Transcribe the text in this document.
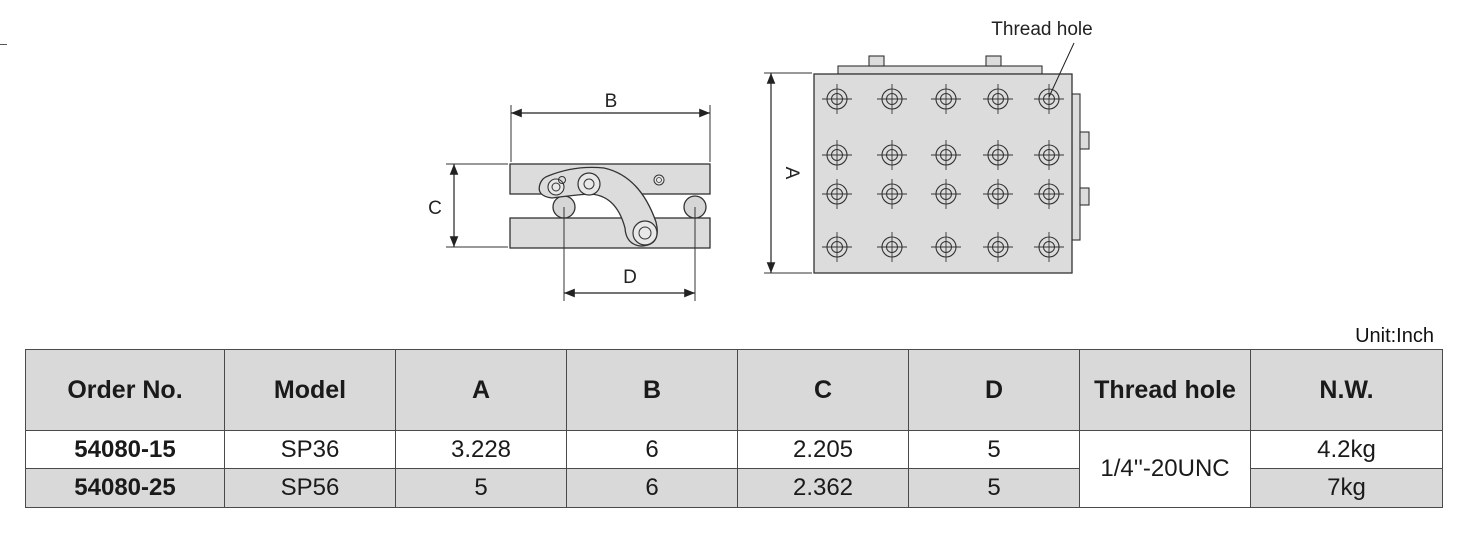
B
C
D
A
Thread hole
Unit:Inch
Order No.	Model	A	B	C	D	Thread hole	N.W.
54080-15	SP36	3.228	6	2.205	5	1/4''-20UNC	4.2kg
54080-25	SP56	5	6	2.362	5		7kg
